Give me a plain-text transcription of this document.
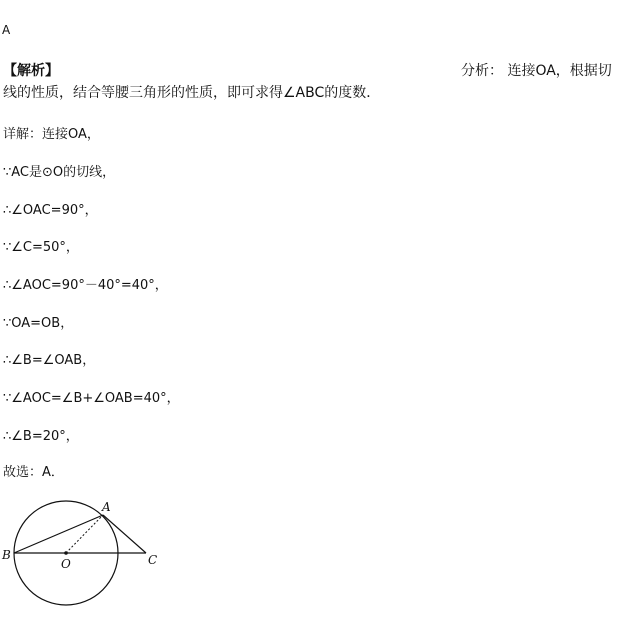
A
【解析】	分析： 连接OA，根据切
线的性质，结合等腰三角形的性质，即可求得∠ABC的度数．
详解：连接OA，
∵AC是⊙O的切线，
∴∠OAC=90°，
∵∠C=50°，
∴∠AOC=90°－40°=40°，
∵OA=OB，
∴∠B=∠OAB，
∵∠AOC=∠B+∠OAB=40°，
∴∠B=20°，
故选：A．
A
B
O	C
